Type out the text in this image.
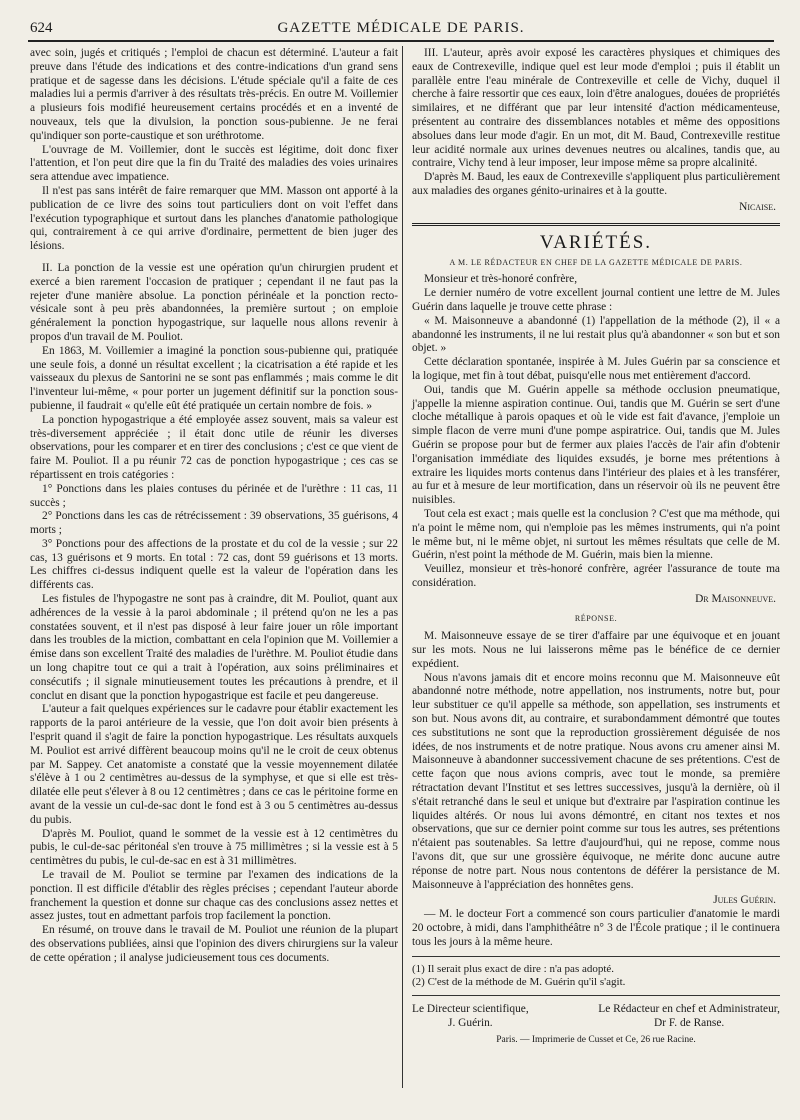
624	GAZETTE MÉDICALE DE PARIS.

avec soin, jugés et critiqués ; l'emploi de chacun est déterminé. L'auteur a fait preuve dans l'étude des indications et des contre-indications d'un grand sens pratique et de sagesse dans les décisions. L'étude spéciale qu'il a faite de ces maladies lui a permis d'arriver à des résultats très-précis. En outre M. Voillemier a plusieurs fois modifié heureusement certains procédés et en a inventé de nouveaux, tels que la divulsion, la ponction sous-pubienne. Je ne ferai qu'indiquer son porte-caustique et son uréthrotome.

L'ouvrage de M. Voillemier, dont le succès est légitime, doit donc fixer l'attention, et l'on peut dire que la fin du Traité des maladies des voies urinaires sera attendue avec impatience.

Il n'est pas sans intérêt de faire remarquer que MM. Masson ont apporté à la publication de ce livre des soins tout particuliers dont on voit l'effet dans l'exécution typographique et surtout dans les planches d'anatomie pathologique qui, contrairement à ce qui arrive d'ordinaire, permettent de bien juger des lésions.

II. La ponction de la vessie est une opération qu'un chirurgien prudent et exercé a bien rarement l'occasion de pratiquer ; cependant il ne faut pas la rejeter d'une manière absolue. La ponction périnéale et la ponction recto-vésicale sont à peu près abandonnées, la première surtout ; on emploie généralement la ponction hypogastrique, sur laquelle nous allons revenir à propos d'un travail de M. Pouliot.

En 1863, M. Voillemier a imaginé la ponction sous-pubienne qui, pratiquée une seule fois, a donné un résultat excellent ; la cicatrisation a été rapide et les vaisseaux du plexus de Santorini ne se sont pas enflammés ; mais comme le dit l'inventeur lui-même, « pour porter un jugement définitif sur la ponction sous-pubienne, il faudrait « qu'elle eût été pratiquée un certain nombre de fois. »

La ponction hypogastrique a été employée assez souvent, mais sa valeur est très-diversement appréciée ; il était donc utile de réunir les diverses observations, pour les comparer et en tirer des conclusions ; c'est ce que vient de faire M. Pouliot. Il a pu réunir 72 cas de ponction hypogastrique ; ces cas se répartissent en trois catégories :

1° Ponctions dans les plaies contuses du périnée et de l'urèthre : 11 cas, 11 succès ;

2° Ponctions dans les cas de rétrécissement : 39 observations, 35 guérisons, 4 morts ;

3° Ponctions pour des affections de la prostate et du col de la vessie ; sur 22 cas, 13 guérisons et 9 morts. En total : 72 cas, dont 59 guérisons et 13 morts. Les chiffres ci-dessus indiquent quelle est la valeur de l'opération dans les différents cas.

Les fistules de l'hypogastre ne sont pas à craindre, dit M. Pouliot, quant aux adhérences de la vessie à la paroi abdominale ; il prétend qu'on ne les a pas constatées souvent, et il n'est pas disposé à leur faire jouer un rôle important dans les troubles de la miction, combattant en cela l'opinion que M. Voillemier a émise dans son excellent Traité des maladies de l'urèthre. M. Pouliot étudie dans un long chapitre tout ce qui a trait à l'opération, aux soins préliminaires et consécutifs ; il signale minutieusement toutes les précautions à prendre, et il conclut en disant que la ponction hypogastrique est facile et peu dangereuse.

L'auteur a fait quelques expériences sur le cadavre pour établir exactement les rapports de la paroi antérieure de la vessie, que l'on doit avoir bien présents à l'esprit quand il s'agit de faire la ponction hypogastrique. Les résultats auxquels M. Pouliot est arrivé diffèrent beaucoup moins qu'il ne le croit de ceux obtenus par M. Sappey. Cet anatomiste a constaté que la vessie moyennement dilatée s'élève à 1 ou 2 centimètres au-dessus de la symphyse, et que si elle est très-dilatée elle peut s'élever à 8 ou 12 centimètres ; dans ce cas le péritoine forme en avant de la vessie un cul-de-sac dont le fond est à 3 ou 5 centimètres au-dessus du pubis.

D'après M. Pouliot, quand le sommet de la vessie est à 12 centimètres du pubis, le cul-de-sac péritonéal s'en trouve à 75 millimètres ; si la vessie est à 5 centimètres du pubis, le cul-de-sac en est à 31 millimètres.

Le travail de M. Pouliot se termine par l'examen des indications de la ponction. Il est difficile d'établir des règles précises ; cependant l'auteur aborde franchement la question et donne sur chaque cas des conclusions assez nettes et assez justes, tout en admettant parfois trop facilement la ponction.

En résumé, on trouve dans le travail de M. Pouliot une réunion de la plupart des observations publiées, ainsi que l'opinion des divers chirurgiens sur la valeur de cette opération ; il analyse judicieusement tous ces documents.

III. L'auteur, après avoir exposé les caractères physiques et chimiques des eaux de Contrexeville, indique quel est leur mode d'emploi ; puis il établit un parallèle entre l'eau minérale de Contrexeville et celle de Vichy, duquel il cherche à faire ressortir que ces eaux, loin d'être analogues, douées de propriétés similaires, et ne différant que par leur intensité d'action médicamenteuse, présentent au contraire des dissemblances notables et même des oppositions absolues dans leur mode d'agir. En un mot, dit M. Baud, Contrexeville restitue leur acidité normale aux urines devenues neutres ou alcalines, tandis que, au contraire, Vichy tend à leur imposer, leur impose même sa propre alcalinité.

D'après M. Baud, les eaux de Contrexeville s'appliquent plus particulièrement aux maladies des organes génito-urinaires et à la goutte.

Nicaise.
VARIÉTÉS.
A M. LE RÉDACTEUR EN CHEF DE LA GAZETTE MÉDICALE DE PARIS.

Monsieur et très-honoré confrère,

Le dernier numéro de votre excellent journal contient une lettre de M. Jules Guérin dans laquelle je trouve cette phrase :

« M. Maisonneuve a abandonné (1) l'appellation de la méthode (2), il « a abandonné les instruments, il ne lui restait plus qu'à abandonner « son but et son objet. »

Cette déclaration spontanée, inspirée à M. Jules Guérin par sa conscience et la logique, met fin à tout débat, puisqu'elle nous met entièrement d'accord.

Oui, tandis que M. Guérin appelle sa méthode occlusion pneumatique, j'appelle la mienne aspiration continue. Oui, tandis que M. Guérin se sert d'une cloche métallique à parois opaques et où le vide est fait d'avance, j'emploie un simple flacon de verre muni d'une pompe aspiratrice. Oui, tandis que M. Jules Guérin se propose pour but de fermer aux plaies l'accès de l'air afin d'obtenir l'organisation immédiate des liquides exsudés, je borne mes prétentions à extraire les liquides morts contenus dans l'intérieur des plaies et à les transférer, au fur et à mesure de leur mortification, dans un réservoir où ils ne peuvent être nuisibles.

Tout cela est exact ; mais quelle est la conclusion ? C'est que ma méthode, qui n'a point le même nom, qui n'emploie pas les mêmes instruments, qui n'a point le même but, ni le même objet, ni surtout les mêmes résultats que celle de M. Guérin, n'est point la méthode de M. Guérin, mais bien la mienne.

Veuillez, monsieur et très-honoré confrère, agréer l'assurance de toute ma considération.

Dr Maisonneuve.
RÉPONSE.

M. Maisonneuve essaye de se tirer d'affaire par une équivoque et en jouant sur les mots. Nous ne lui laisserons même pas le bénéfice de ce dernier expédient.

Nous n'avons jamais dit et encore moins reconnu que M. Maisonneuve eût abandonné notre méthode, notre appellation, nos instruments, notre but, pour leur substituer ce qu'il appelle sa méthode, son appellation, ses instruments et son but. Nous avons dit, au contraire, et surabondamment démontré que toutes ces substitutions ne sont que la reproduction grossièrement déguisée de nos idées, de nos instruments et de notre pratique. Nous avons cru amener ainsi M. Maisonneuve à abandonner successivement chacune de ses prétentions. C'est de cette façon que nous avions compris, avec tout le monde, sa première rétractation devant l'Institut et ses lettres successives, jusqu'à la dernière, où il s'était retranché dans le seul et unique but d'extraire par l'aspiration continue les liquides altérés. Or nous lui avons démontré, en citant nos textes et nos observations, que sur ce dernier point comme sur tous les autres, ses prétentions n'étaient pas soutenables. Sa lettre d'aujourd'hui, qui ne repose, comme nous l'avons dit, que sur une grossière équivoque, ne mérite donc aucune autre réponse de notre part. Nous nous contentons de déférer la persistance de M. Maisonneuve à l'appréciation des honnêtes gens.

Jules Guérin.

— M. le docteur Fort a commencé son cours particulier d'anatomie le mardi 20 octobre, à midi, dans l'amphithéâtre n° 3 de l'École pratique ; il le continuera tous les jours à la même heure.

(1) Il serait plus exact de dire : n'a pas adopté.

(2) C'est de la méthode de M. Guérin qu'il s'agit.

Le Directeur scientifique,
J. Guérin.
Le Rédacteur en chef et Administrateur,
Dr F. de Ranse.
Paris. — Imprimerie de Cusset et Ce, 26 rue Racine.
